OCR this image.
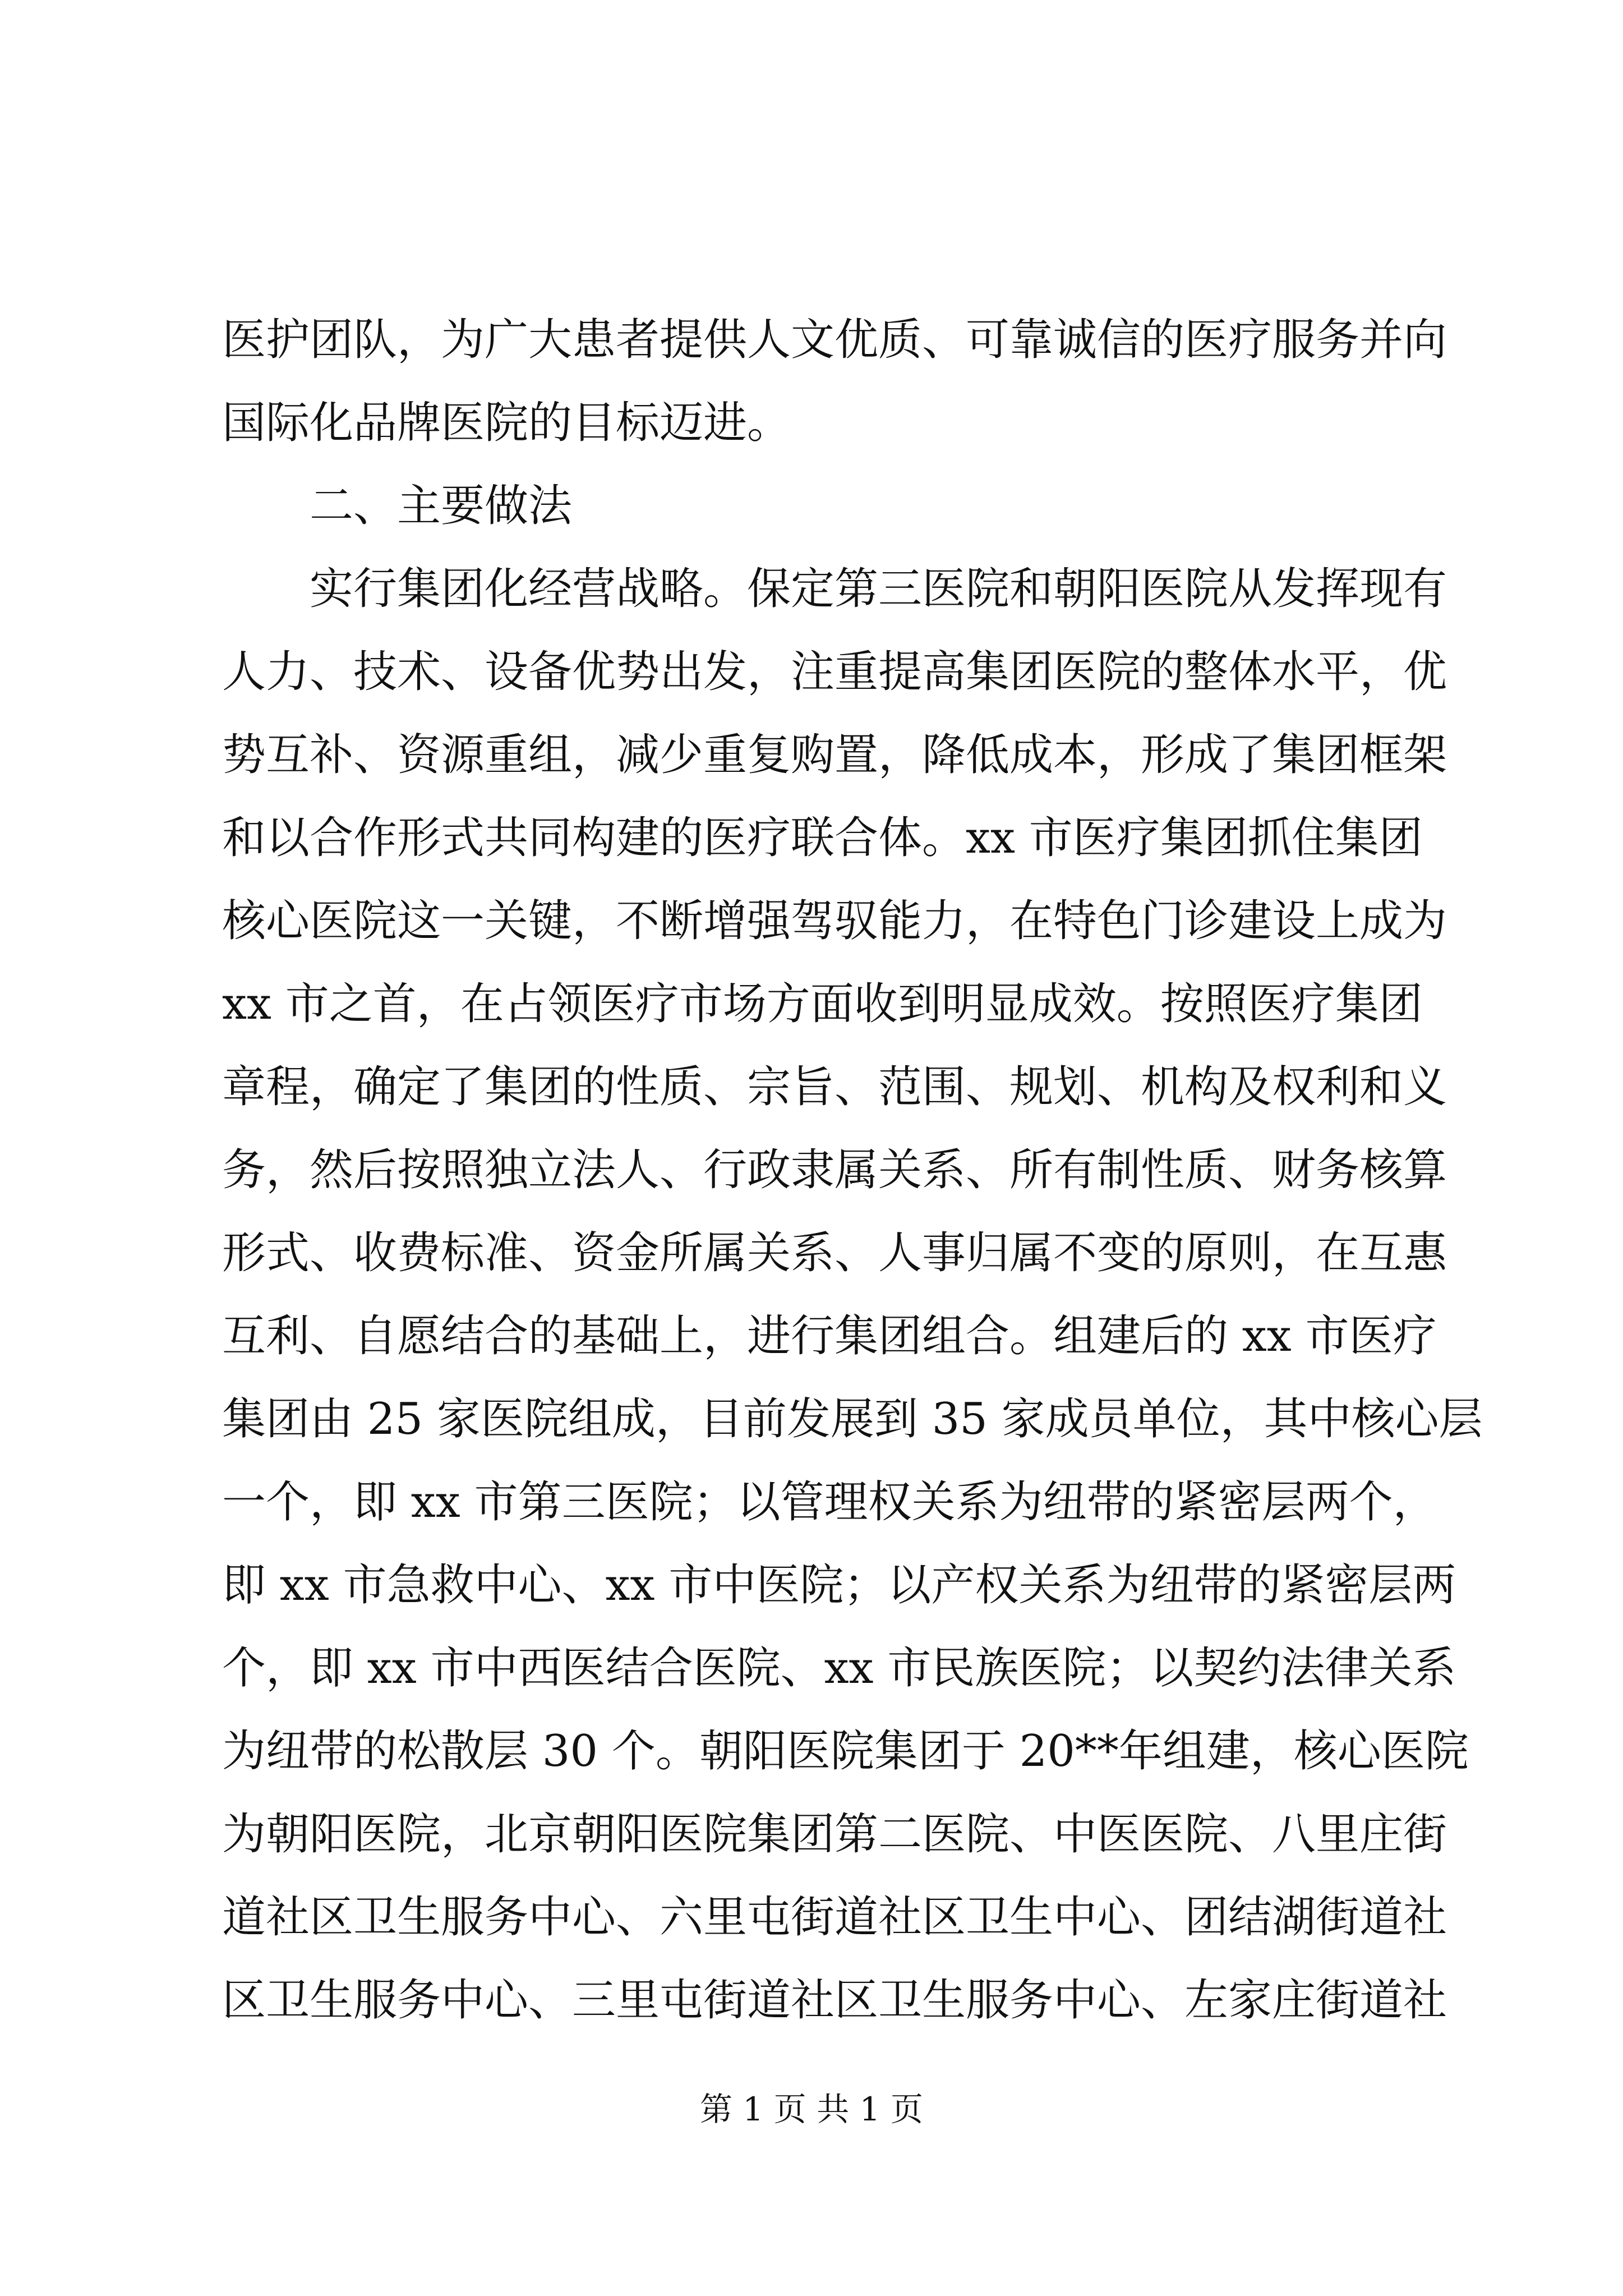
医护团队，为广大患者提供人文优质、可靠诚信的医疗服务并向
国际化品牌医院的目标迈进。
二、主要做法
实行集团化经营战略。保定第三医院和朝阳医院从发挥现有
人力、技术、设备优势出发，注重提高集团医院的整体水平，优
势互补、资源重组，减少重复购置，降低成本，形成了集团框架
和以合作形式共同构建的医疗联合体。xx 市医疗集团抓住集团
核心医院这一关键，不断增强驾驭能力，在特色门诊建设上成为
xx 市之首，在占领医疗市场方面收到明显成效。按照医疗集团
章程，确定了集团的性质、宗旨、范围、规划、机构及权利和义
务，然后按照独立法人、行政隶属关系、所有制性质、财务核算
形式、收费标准、资金所属关系、人事归属不变的原则，在互惠
互利、自愿结合的基础上，进行集团组合。组建后的 xx 市医疗
集团由 25 家医院组成，目前发展到 35 家成员单位，其中核心层
一个，即 xx 市第三医院；以管理权关系为纽带的紧密层两个，
即 xx 市急救中心、xx 市中医院；以产权关系为纽带的紧密层两
个，即 xx 市中西医结合医院、xx 市民族医院；以契约法律关系
为纽带的松散层 30 个。朝阳医院集团于 20**年组建，核心医院
为朝阳医院，北京朝阳医院集团第二医院、中医医院、八里庄街
道社区卫生服务中心、六里屯街道社区卫生中心、团结湖街道社
区卫生服务中心、三里屯街道社区卫生服务中心、左家庄街道社
第 1 页 共 1 页
